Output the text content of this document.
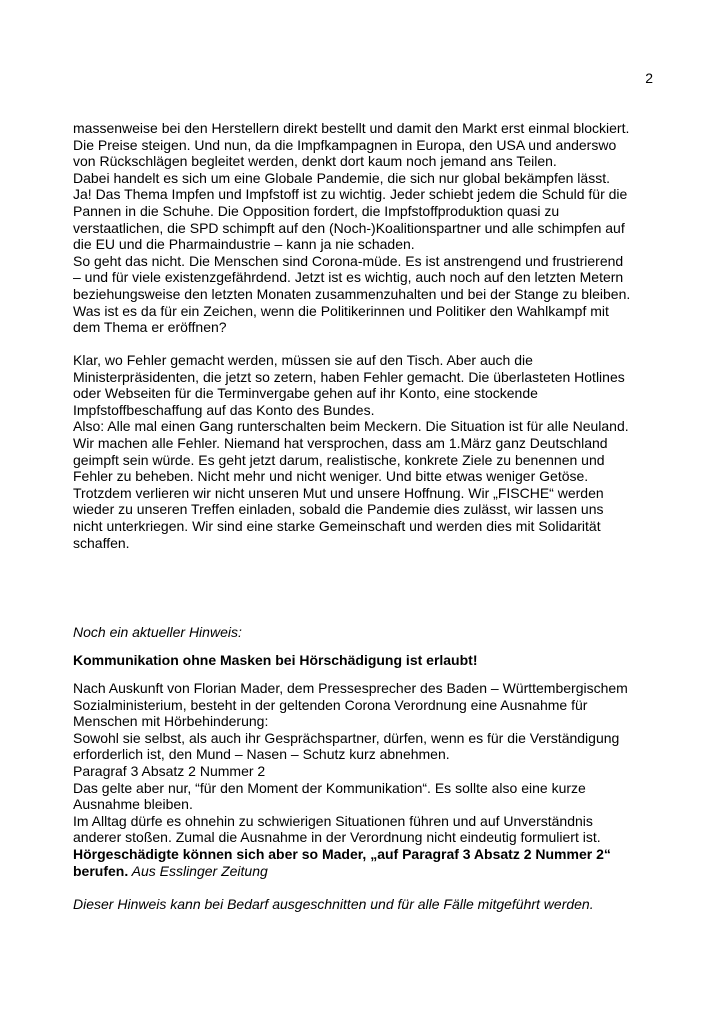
2
massenweise bei den Herstellern direkt bestellt und damit den Markt erst einmal blockiert.
Die Preise steigen. Und nun, da die Impfkampagnen in Europa, den USA und anderswo
von Rückschlägen begleitet werden, denkt dort kaum noch jemand ans Teilen.
Dabei handelt es sich um eine Globale Pandemie, die sich nur global bekämpfen lässt.
Ja! Das Thema Impfen und Impfstoff ist zu wichtig. Jeder schiebt jedem die Schuld für die
Pannen in die Schuhe. Die Opposition fordert, die Impfstoffproduktion quasi zu
verstaatlichen, die SPD schimpft auf den (Noch-)Koalitionspartner und alle schimpfen auf
die EU und die Pharmaindustrie – kann ja nie schaden.
So geht das nicht. Die Menschen sind Corona-müde. Es ist anstrengend und frustrierend
– und für viele existenzgefährdend. Jetzt ist es wichtig, auch noch auf den letzten Metern
beziehungsweise den letzten Monaten zusammenzuhalten und bei der Stange zu bleiben.
Was ist es da für ein Zeichen, wenn die Politikerinnen und Politiker den Wahlkampf mit
dem Thema er eröffnen?
Klar, wo Fehler gemacht werden, müssen sie auf den Tisch. Aber auch die
Ministerpräsidenten, die jetzt so zetern, haben Fehler gemacht. Die überlasteten Hotlines
oder Webseiten für die Terminvergabe gehen auf ihr Konto, eine stockende
Impfstoffbeschaffung auf das Konto des Bundes.
Also: Alle mal einen Gang runterschalten beim Meckern. Die Situation ist für alle Neuland.
Wir machen alle Fehler. Niemand hat versprochen, dass am 1.März ganz Deutschland
geimpft sein würde. Es geht jetzt darum, realistische, konkrete Ziele zu benennen und
Fehler zu beheben. Nicht mehr und nicht weniger. Und bitte etwas weniger Getöse.
Trotzdem verlieren wir nicht unseren Mut und unsere Hoffnung. Wir „FISCHE“ werden
wieder zu unseren Treffen einladen, sobald die Pandemie dies zulässt, wir lassen uns
nicht unterkriegen. Wir sind eine starke Gemeinschaft und werden dies mit Solidarität
schaffen.
Noch ein aktueller Hinweis:
Kommunikation ohne Masken bei Hörschädigung ist erlaubt!
Nach Auskunft von Florian Mader, dem Pressesprecher des Baden – Württembergischem
Sozialministerium, besteht in der geltenden Corona Verordnung eine Ausnahme für
Menschen mit Hörbehinderung:
Sowohl sie selbst, als auch ihr Gesprächspartner, dürfen, wenn es für die Verständigung
erforderlich ist, den Mund – Nasen – Schutz kurz abnehmen.
Paragraf 3 Absatz 2 Nummer 2
Das gelte aber nur, “für den Moment der Kommunikation“. Es sollte also eine kurze
Ausnahme bleiben.
Im Alltag dürfe es ohnehin zu schwierigen Situationen führen und auf Unverständnis
anderer stoßen. Zumal die Ausnahme in der Verordnung nicht eindeutig formuliert ist.
Hörgeschädigte können sich aber so Mader, „auf Paragraf 3 Absatz 2 Nummer 2“
berufen. Aus Esslinger Zeitung
Dieser Hinweis kann bei Bedarf ausgeschnitten und für alle Fälle mitgeführt werden.
